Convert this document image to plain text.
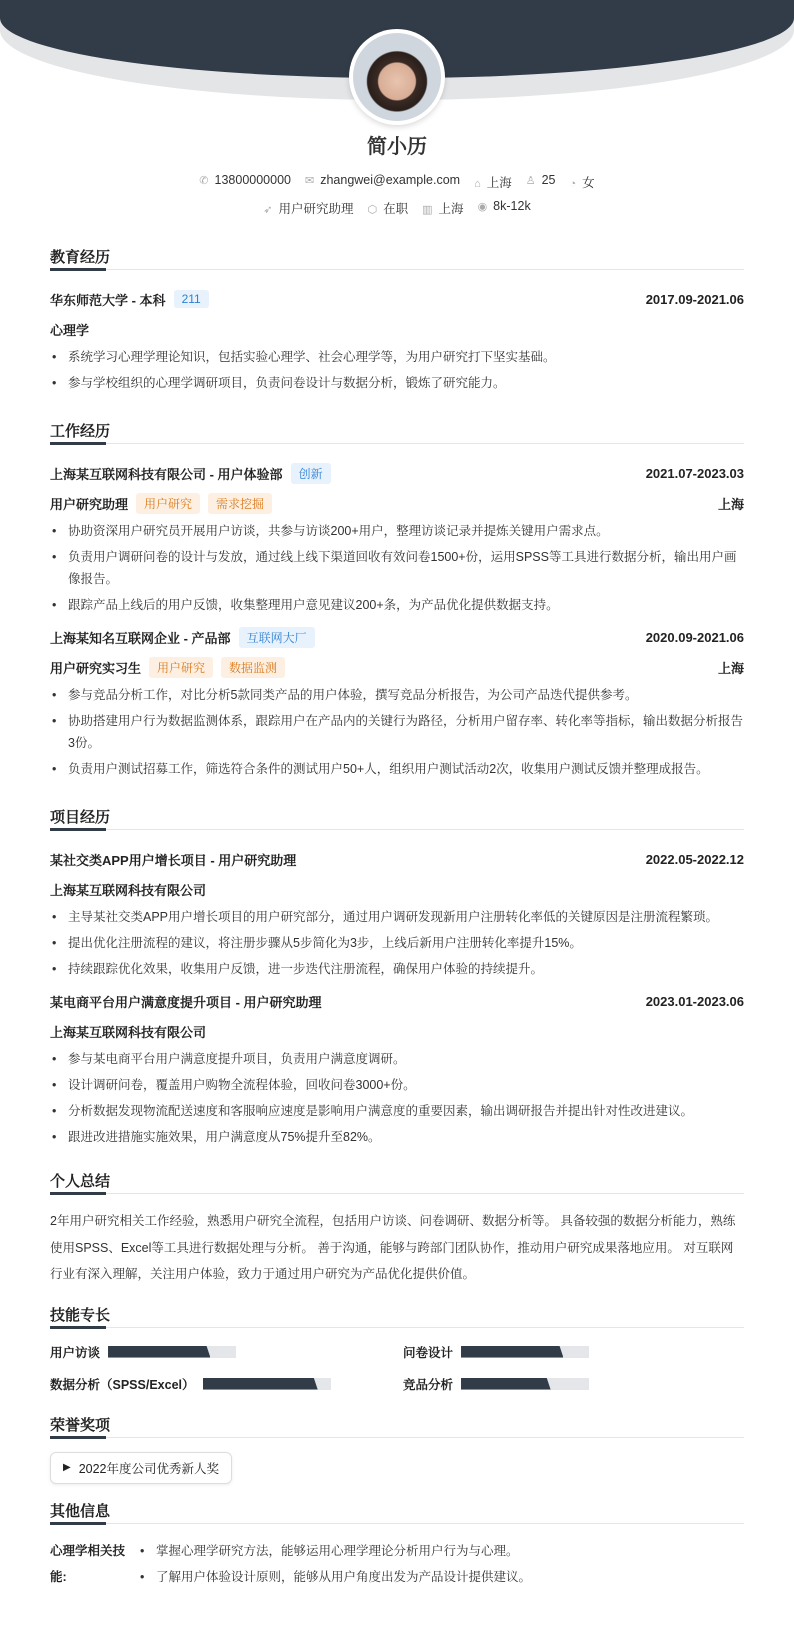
简小历
✆ 13800000000 ✉ zhangwei@example.com ⌂ 上海 ♙ 25 ◔ 女
➶ 用户研究助理 ⬡ 在职 ▥ 上海 ◉ 8k-12k
教育经历
华东师范大学 - 本科	211	2017.09-2021.06
心理学
• 系统学习心理学理论知识，包括实验心理学、社会心理学等，为用户研究打下坚实基础。
• 参与学校组织的心理学调研项目，负责问卷设计与数据分析，锻炼了研究能力。
工作经历
上海某互联网科技有限公司 - 用户体验部	创新	2021.07-2023.03
用户研究助理	用户研究	需求挖掘	上海
• 协助资深用户研究员开展用户访谈，共参与访谈200+用户，整理访谈记录并提炼关键用户需求点。
• 负责用户调研问卷的设计与发放，通过线上线下渠道回收有效问卷1500+份，运用SPSS等工具进行数据分析，输出用户画像报告。
• 跟踪产品上线后的用户反馈，收集整理用户意见建议200+条，为产品优化提供数据支持。
上海某知名互联网企业 - 产品部	互联网大厂	2020.09-2021.06
用户研究实习生	用户研究	数据监测	上海
• 参与竞品分析工作，对比分析5款同类产品的用户体验，撰写竞品分析报告，为公司产品迭代提供参考。
• 协助搭建用户行为数据监测体系，跟踪用户在产品内的关键行为路径，分析用户留存率、转化率等指标，输出数据分析报告3份。
• 负责用户测试招募工作，筛选符合条件的测试用户50+人，组织用户测试活动2次，收集用户测试反馈并整理成报告。
项目经历
某社交类APP用户增长项目 - 用户研究助理	2022.05-2022.12
上海某互联网科技有限公司
• 主导某社交类APP用户增长项目的用户研究部分，通过用户调研发现新用户注册转化率低的关键原因是注册流程繁琐。
• 提出优化注册流程的建议，将注册步骤从5步简化为3步，上线后新用户注册转化率提升15%。
• 持续跟踪优化效果，收集用户反馈，进一步迭代注册流程，确保用户体验的持续提升。
某电商平台用户满意度提升项目 - 用户研究助理	2023.01-2023.06
上海某互联网科技有限公司
• 参与某电商平台用户满意度提升项目，负责用户满意度调研。
• 设计调研问卷，覆盖用户购物全流程体验，回收问卷3000+份。
• 分析数据发现物流配送速度和客服响应速度是影响用户满意度的重要因素，输出调研报告并提出针对性改进建议。
• 跟进改进措施实施效果，用户满意度从75%提升至82%。
个人总结
2年用户研究相关工作经验，熟悉用户研究全流程，包括用户访谈、问卷调研、数据分析等。 具备较强的数据分析能力，熟练使用SPSS、Excel等工具进行数据处理与分析。 善于沟通，能够与跨部门团队协作，推动用户研究成果落地应用。 对互联网行业有深入理解，关注用户体验，致力于通过用户研究为产品优化提供价值。
技能专长
用户访谈	问卷设计
数据分析（SPSS/Excel）	竞品分析
荣誉奖项
▶ 2022年度公司优秀新人奖
其他信息
心理学相关技能:
• 掌握心理学研究方法，能够运用心理学理论分析用户行为与心理。
• 了解用户体验设计原则，能够从用户角度出发为产品设计提供建议。
